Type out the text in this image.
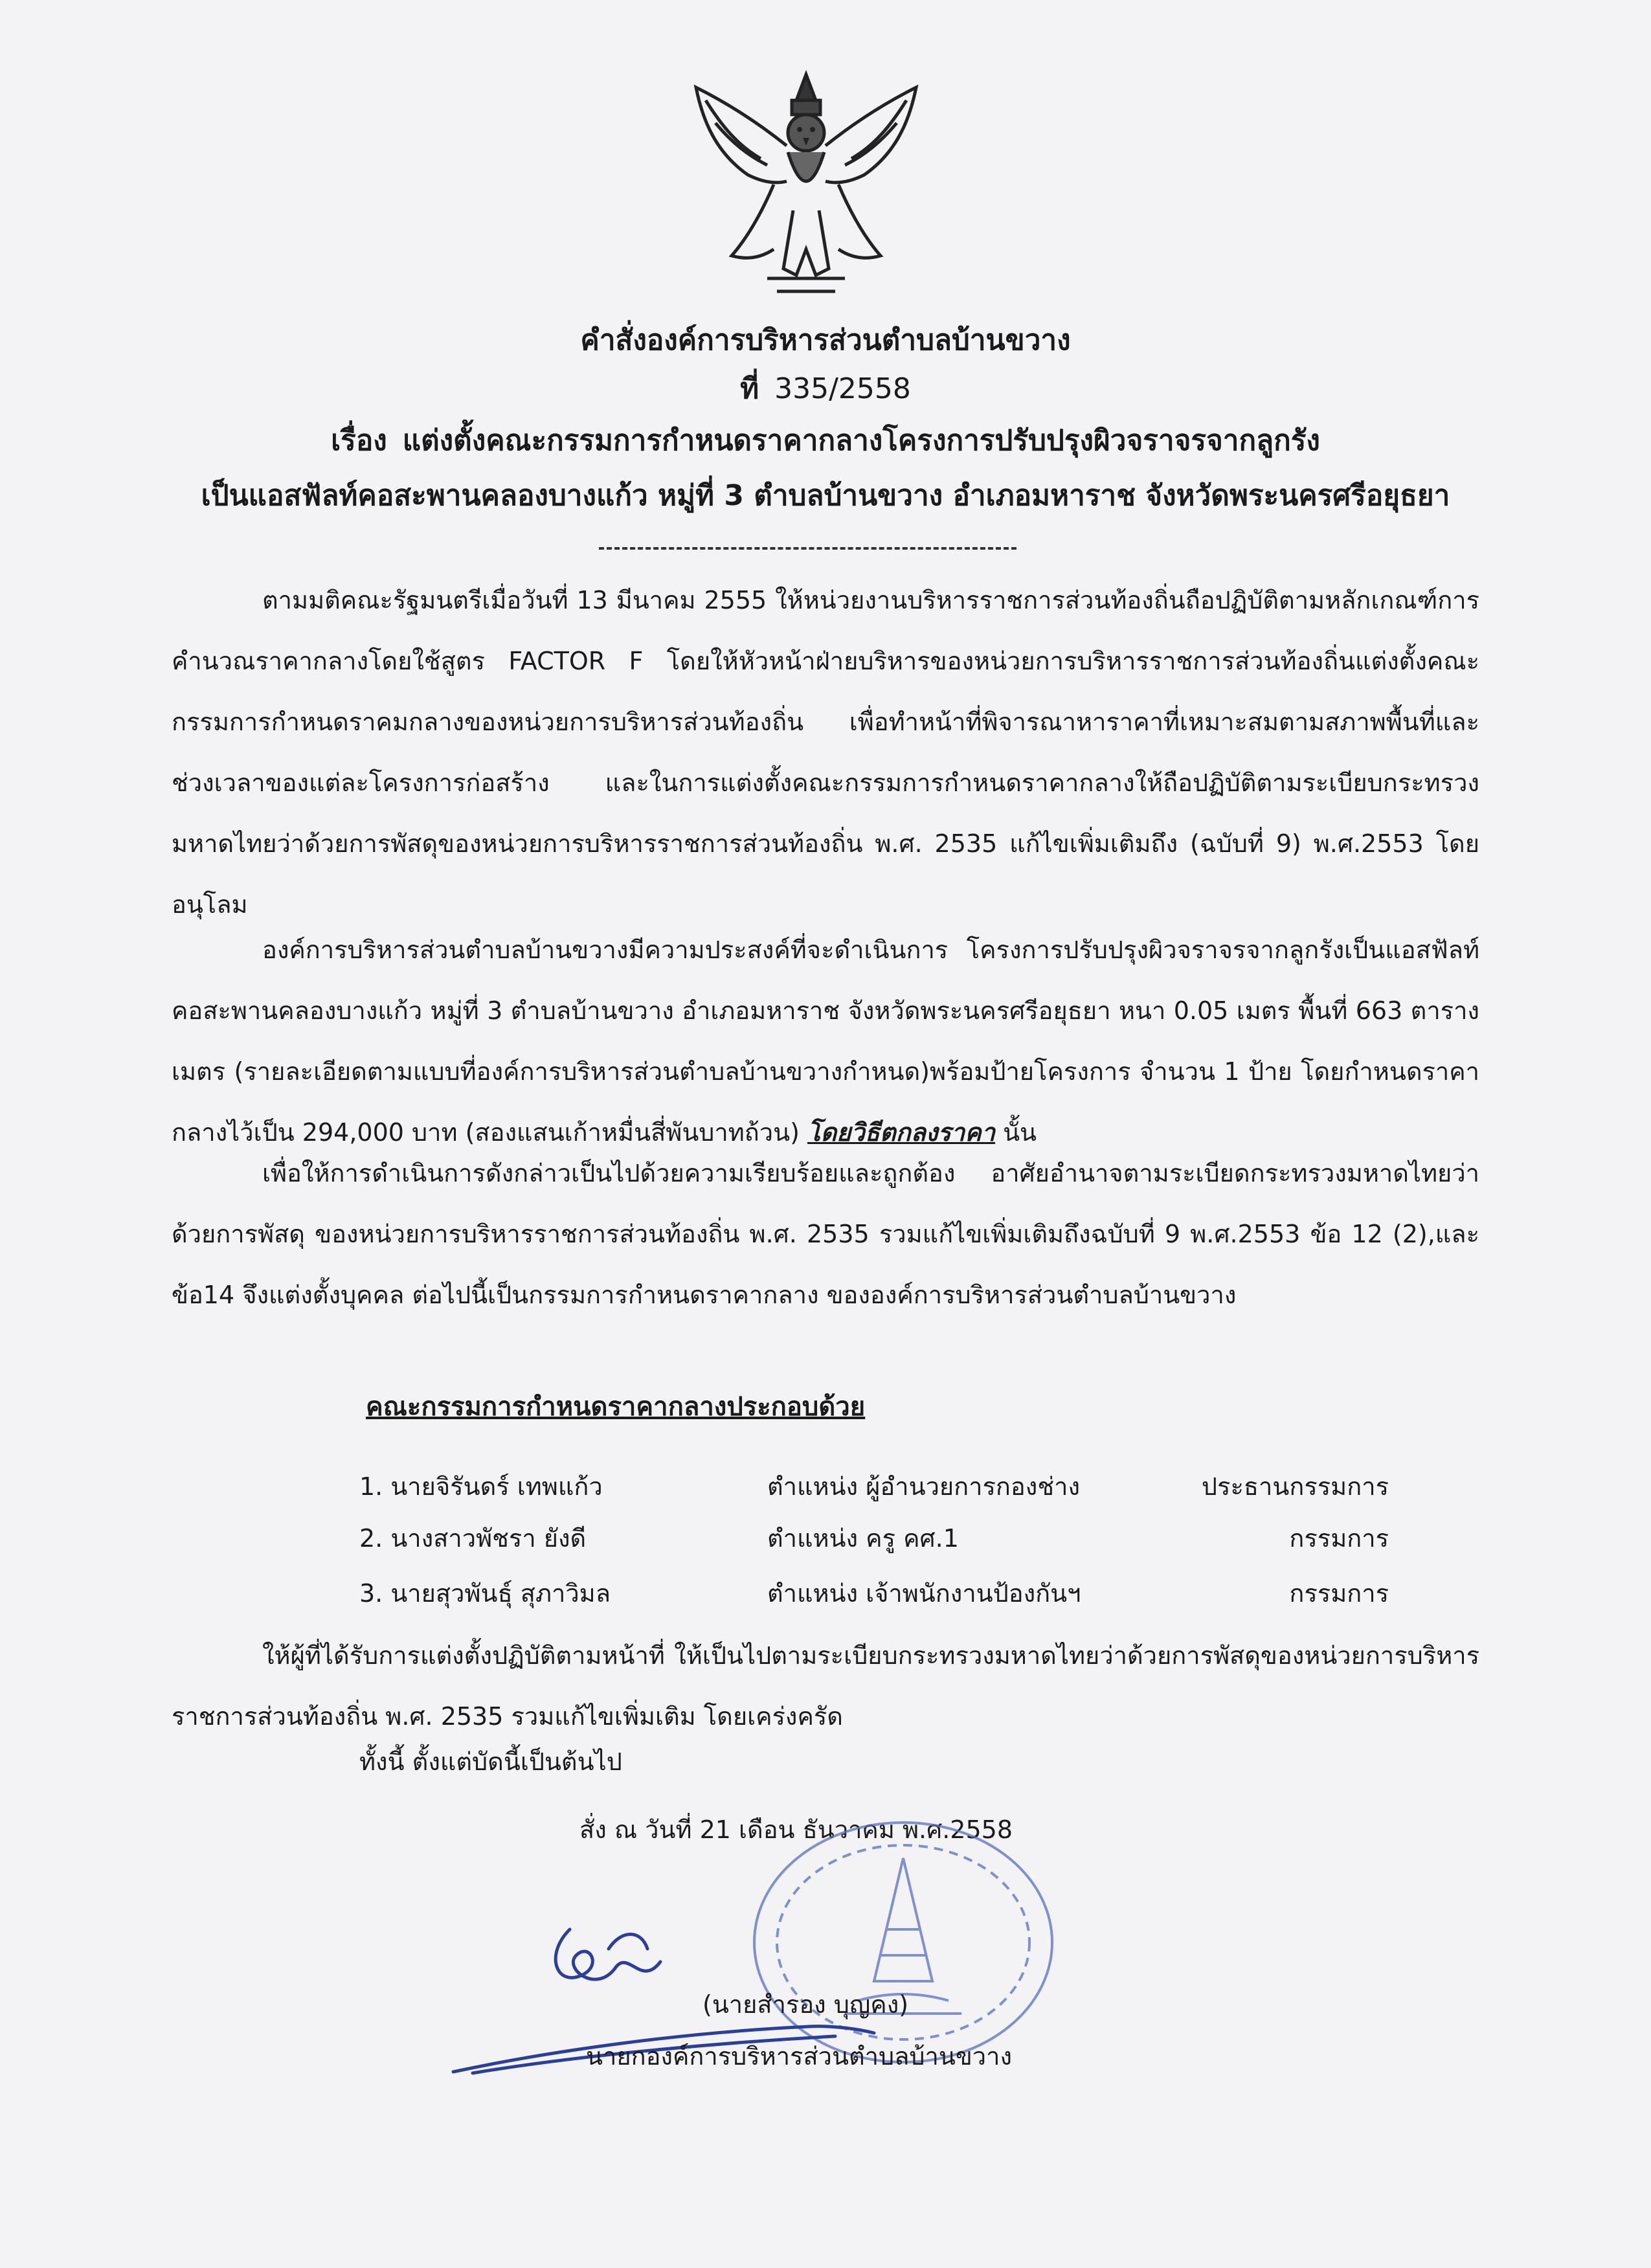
คำสั่งองค์การบริหารส่วนตำบลบ้านขวาง
ที่ 335/2558
เรื่อง แต่งตั้งคณะกรรมการกำหนดราคากลางโครงการปรับปรุงผิวจราจรจากลูกรัง
เป็นแอสฟัลท์คอสะพานคลองบางแก้ว หมู่ที่ 3 ตำบลบ้านขวาง อำเภอมหาราช จังหวัดพระนครศรีอยุธยา

ตามมติคณะรัฐมนตรีเมื่อวันที่ 13 มีนาคม 2555 ให้หน่วยงานบริหารราชการส่วนท้องถิ่นถือปฏิบัติตามหลักเกณฑ์การคำนวณราคากลางโดยใช้สูตร FACTOR F โดยให้หัวหน้าฝ่ายบริหารของหน่วยการบริหารราชการส่วนท้องถิ่นแต่งตั้งคณะกรรมการกำหนดราคมกลางของหน่วยการบริหารส่วนท้องถิ่น เพื่อทำหน้าที่พิจารณาหาราคาที่เหมาะสมตามสภาพพื้นที่และช่วงเวลาของแต่ละโครงการก่อสร้าง และในการแต่งตั้งคณะกรรมการกำหนดราคากลางให้ถือปฏิบัติตามระเบียบกระทรวงมหาดไทยว่าด้วยการพัสดุของหน่วยการบริหารราชการส่วนท้องถิ่น พ.ศ. 2535 แก้ไขเพิ่มเติมถึง (ฉบับที่ 9) พ.ศ.2553 โดยอนุโลม

องค์การบริหารส่วนตำบลบ้านขวางมีความประสงค์ที่จะดำเนินการ โครงการปรับปรุงผิวจราจรจากลูกรังเป็นแอสฟัลท์คอสะพานคลองบางแก้ว หมู่ที่ 3 ตำบลบ้านขวาง อำเภอมหาราช จังหวัดพระนครศรีอยุธยา หนา 0.05 เมตร พื้นที่ 663 ตารางเมตร (รายละเอียดตามแบบที่องค์การบริหารส่วนตำบลบ้านขวางกำหนด)พร้อมป้ายโครงการ จำนวน 1 ป้าย โดยกำหนดราคากลางไว้เป็น 294,000 บาท (สองแสนเก้าหมื่นสี่พันบาทถ้วน) โดยวิธีตกลงราคา นั้น

เพื่อให้การดำเนินการดังกล่าวเป็นไปด้วยความเรียบร้อยและถูกต้อง อาศัยอำนาจตามระเบียดกระทรวงมหาดไทยว่าด้วยการพัสดุ ของหน่วยการบริหารราชการส่วนท้องถิ่น พ.ศ. 2535 รวมแก้ไขเพิ่มเติมถึงฉบับที่ 9 พ.ศ.2553 ข้อ 12 (2),และข้อ14 จึงแต่งตั้งบุคคล ต่อไปนี้เป็นกรรมการกำหนดราคากลาง ขององค์การบริหารส่วนตำบลบ้านขวาง

คณะกรรมการกำหนดราคากลางประกอบด้วย
1. นายจิรันดร์ เทพแก้ว	ตำแหน่ง ผู้อำนวยการกองช่าง	ประธานกรรมการ
2. นางสาวพัชรา ยังดี	ตำแหน่ง ครู คศ.1	กรรมการ
3. นายสุวพันธุ์ สุภาวิมล	ตำแหน่ง เจ้าพนักงานป้องกันฯ	กรรมการ

ให้ผู้ที่ได้รับการแต่งตั้งปฏิบัติตามหน้าที่ ให้เป็นไปตามระเบียบกระทรวงมหาดไทยว่าด้วยการพัสดุของหน่วยการบริหารราชการส่วนท้องถิ่น พ.ศ. 2535 รวมแก้ไขเพิ่มเติม โดยเคร่งครัด

ทั้งนี้ ตั้งแต่บัดนี้เป็นต้นไป
สั่ง ณ วันที่ 21 เดือน ธันวาคม พ.ศ.2558
(นายสำรอง บุญคง)
นายกองค์การบริหารส่วนตำบลบ้านขวาง
